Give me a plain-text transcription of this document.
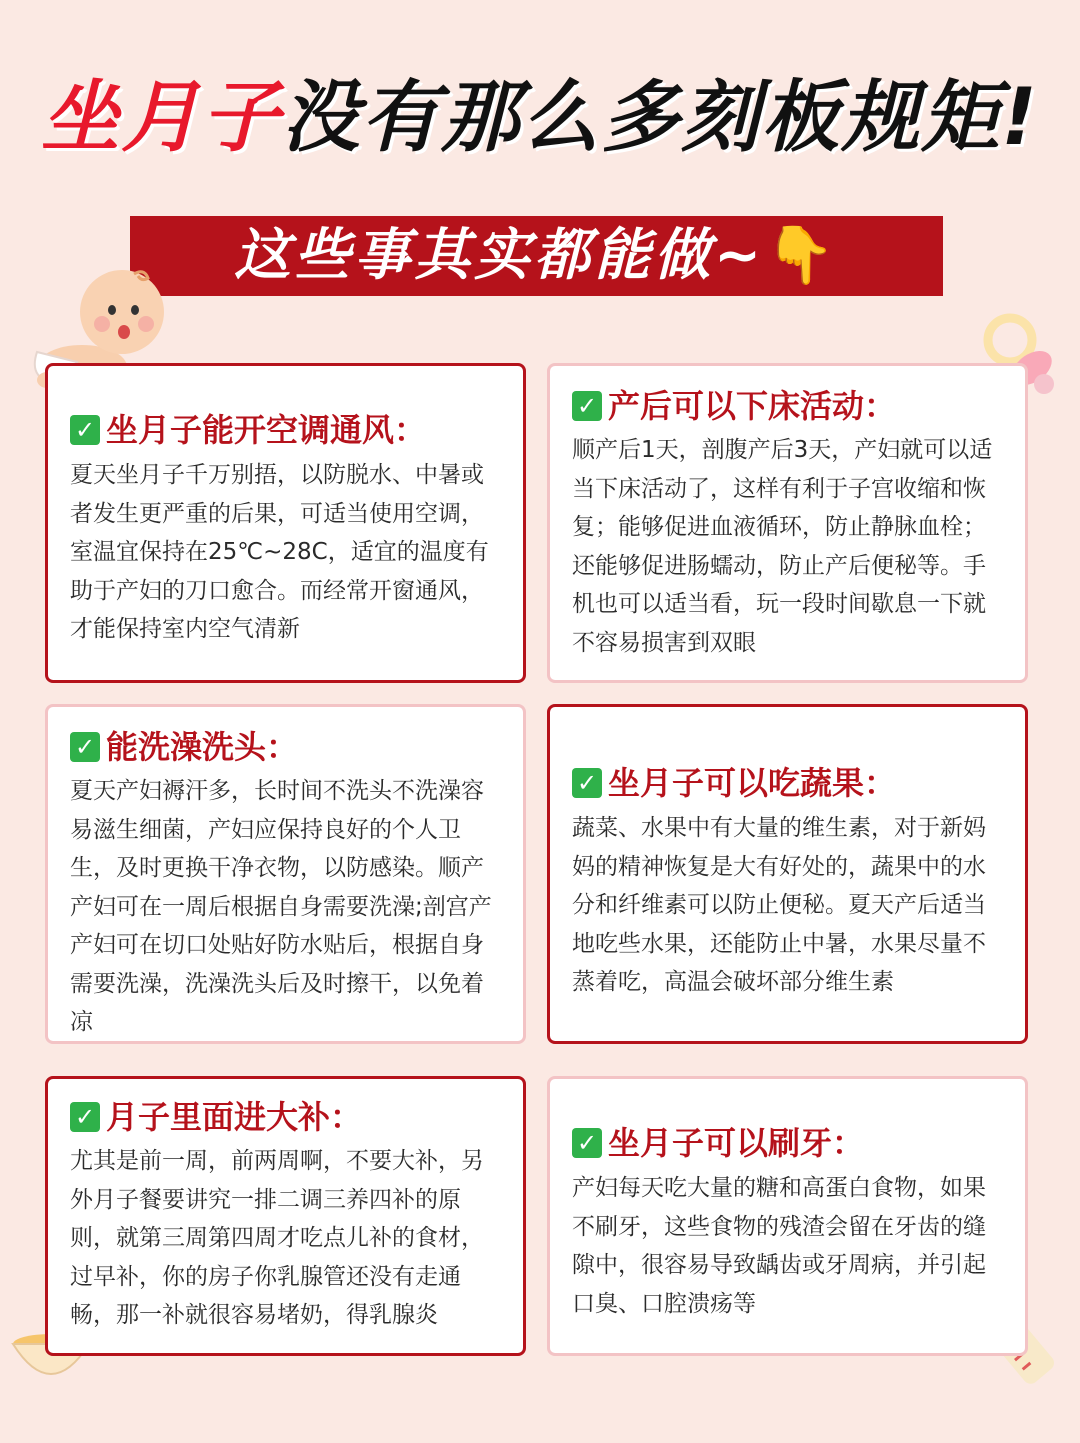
坐月子没有那么多刻板规矩!
这些事其实都能做~👇
✓ 坐月子能开空调通风：
夏天坐月子千万别捂，以防脱水、中暑或者发生更严重的后果，可适当使用空调，室温宜保持在25℃~28C，适宜的温度有助于产妇的刀口愈合。而经常开窗通风，才能保持室内空气清新
✓ 产后可以下床活动：
顺产后1天，剖腹产后3天，产妇就可以适当下床活动了，这样有利于子宫收缩和恢复；能够促进血液循环，防止静脉血栓；还能够促进肠蠕动，防止产后便秘等。手机也可以适当看，玩一段时间歇息一下就不容易损害到双眼
✓ 能洗澡洗头：
夏天产妇褥汗多，长时间不洗头不洗澡容易滋生细菌，产妇应保持良好的个人卫生，及时更换干净衣物，以防感染。顺产产妇可在一周后根据自身需要洗澡;剖宫产产妇可在切口处贴好防水贴后，根据自身需要洗澡，洗澡洗头后及时擦干，以免着凉
✓ 坐月子可以吃蔬果：
蔬菜、水果中有大量的维生素，对于新妈妈的精神恢复是大有好处的，蔬果中的水分和纤维素可以防止便秘。夏天产后适当地吃些水果，还能防止中暑，水果尽量不蒸着吃，高温会破坏部分维生素
✓ 月子里面进大补：
尤其是前一周，前两周啊，不要大补，另外月子餐要讲究一排二调三养四补的原则，就第三周第四周才吃点儿补的食材，过早补，你的房子你乳腺管还没有走通畅，那一补就很容易堵奶，得乳腺炎
✓ 坐月子可以刷牙：
产妇每天吃大量的糖和高蛋白食物，如果不刷牙，这些食物的残渣会留在牙齿的缝隙中，很容易导致龋齿或牙周病，并引起口臭、口腔溃疡等
